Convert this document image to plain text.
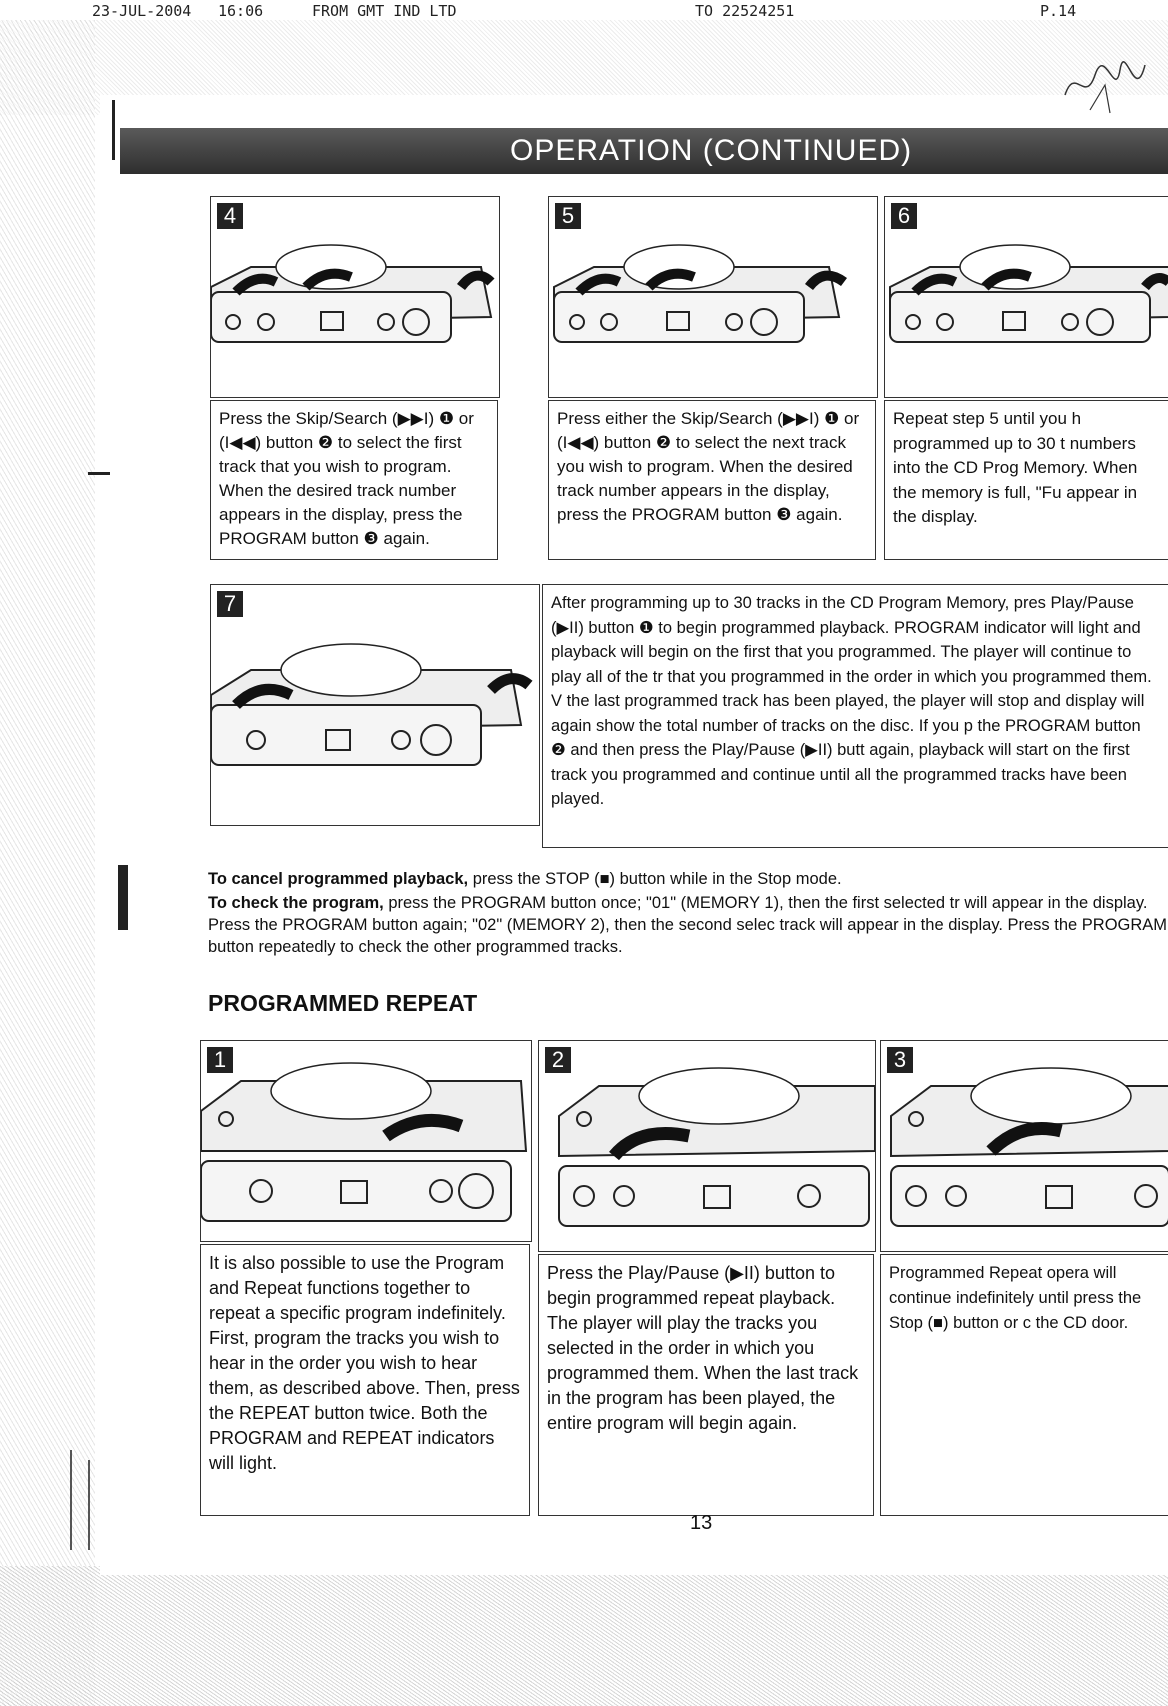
23-JUL-2004 16:06	FROM GMT IND LTD	TO 22524251	P.14
OPERATION (CONTINUED)
4

Press the Skip/Search (▶▶I) ❶ or (I◀◀) button ❷ to select the first track that you wish to program. When the desired track number appears in the display, press the PROGRAM button ❸ again.

5

Press either the Skip/Search (▶▶I) ❶ or (I◀◀) button ❷ to select the next track you wish to program. When the desired track number appears in the display, press the PROGRAM button ❸ again.

6

Repeat step 5 until you h programmed up to 30 t numbers into the CD Prog Memory. When the memory is full, "Fu appear in the display.

7	After programming up to 30 tracks in the CD Program Memory, pres Play/Pause (▶II) button ❶ to begin programmed playback. PROGRAM indicator will light and playback will begin on the first that you programmed. The player will continue to play all of the tr that you programmed in the order in which you programmed them. V the last programmed track has been played, the player will stop and display will again show the total number of tracks on the disc. If you p the PROGRAM button ❷ and then press the Play/Pause (▶II) butt again, playback will start on the first track you programmed and continue until all the programmed tracks have been played.

To cancel programmed playback, press the STOP (■) button while in the Stop mode.
To check the program, press the PROGRAM button once; "01" (MEMORY 1), then the first selected tr will appear in the display. Press the PROGRAM button again; "02" (MEMORY 2), then the second selec track will appear in the display. Press the PROGRAM button repeatedly to check the other programmed tracks.
PROGRAMMED REPEAT
1

It is also possible to use the Program and Repeat functions together to repeat a specific program indefinitely. First, program the tracks you wish to hear in the order you wish to hear them, as described above. Then, press the REPEAT button twice. Both the PROGRAM and REPEAT indicators will light.

2

Press the Play/Pause (▶II) button to begin programmed repeat playback. The player will play the tracks you selected in the order in which you programmed them. When the last track in the program has been played, the entire program will begin again.

3

Programmed Repeat opera will continue indefinitely until press the Stop (■) button or c the CD door.

13
